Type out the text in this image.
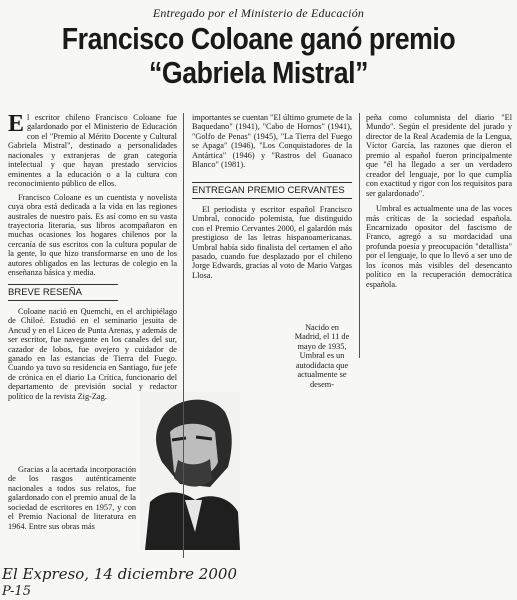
Entregado por el Ministerio de Educación
Francisco Coloane ganó premio
“Gabriela Mistral”

El escritor chileno Francisco Coloane fue galardonado por el Ministerio de Educación con el "Premio al Mérito Docente y Cultural Gabriela Mistral", destinado a personalidades nacionales y extranjeras de gran categoría intelectual y que hayan prestado servicios eminentes a la educación o a la cultura con reconocimiento público de ellos.

Francisco Coloane es un cuentista y novelista cuya obra está dedicada a la vida en las regiones australes de nuestro país. Es así como en su vasta trayectoria literaria, sus libros acompañaron en muchas ocasiones los hogares chilenos por la cercanía de sus escritos con la cultura popular de la gente, lo que hizo transformarse en uno de los autores obligados en las lecturas de colegio en la enseñanza básica y media.

BREVE RESEÑA

Coloane nació en Quemchi, en el archipiélago de Chiloé. Estudió en el seminario jesuita de Ancud y en el Liceo de Punta Arenas, y además de ser escritor, fue navegante en los canales del sur, cazador de lobos, fue ovejero y cuidador de ganado en las estancias de Tierra del Fuego. Cuando ya tuvo su residencia en Santiago, fue jefe de crónica en el diario La Crítica, funcionario del departamento de previsión social y redactor político de la revista Zig-Zag.

Gracias a la acertada incorporación de los rasgos auténticamente nacionales a todos sus relatos, fue galardonado con el premio anual de la sociedad de escritores en 1957, y con el Premio Nacional de literatura en 1964. Entre sus obras más

importantes se cuentan "El último grumete de la Baquedano" (1941), "Cabo de Hornos" (1941), "Golfo de Penas" (1945), "La Tierra del Fuego se Apaga" (1946), "Los Conquistadores de la Antártica" (1946) y "Rastros del Guanaco Blanco" (1981).

ENTREGAN PREMIO CERVANTES

El periodista y escritor español Francisco Umbral, conocido polemista, fue distinguido con el Premio Cervantes 2000, el galardón más prestigioso de las letras hispanoamericanas. Umbral había sido finalista del certamen el año pasado, cuando fue desplazado por el chileno Jorge Edwards, gracias al voto de Mario Vargas Llosa.

Nacido en Madrid, el 11 de mayo de 1935, Umbral es un autodidacta que actualmente se desem-

peña como columnista del diario "El Mundo". Según el presidente del jurado y director de la Real Academia de la Lengua, Víctor García, las razones que dieron el premio al español fueron principalmente que "él ha llegado a ser un verdadero creador del lenguaje, por lo que cumplía con exactitud y rigor con los requisitos para ser galardonado".

Umbral es actualmente una de las voces más críticas de la sociedad española. Encarnizado opositor del fascismo de Franco, agregó a su mordacidad una profunda poesía y preocupación "detallista" por el lenguaje, lo que lo llevó a ser uno de los íconos más visibles del desencanto político en la recuperación democrática española.

El Expreso, 14 diciembre 2000
P-15
